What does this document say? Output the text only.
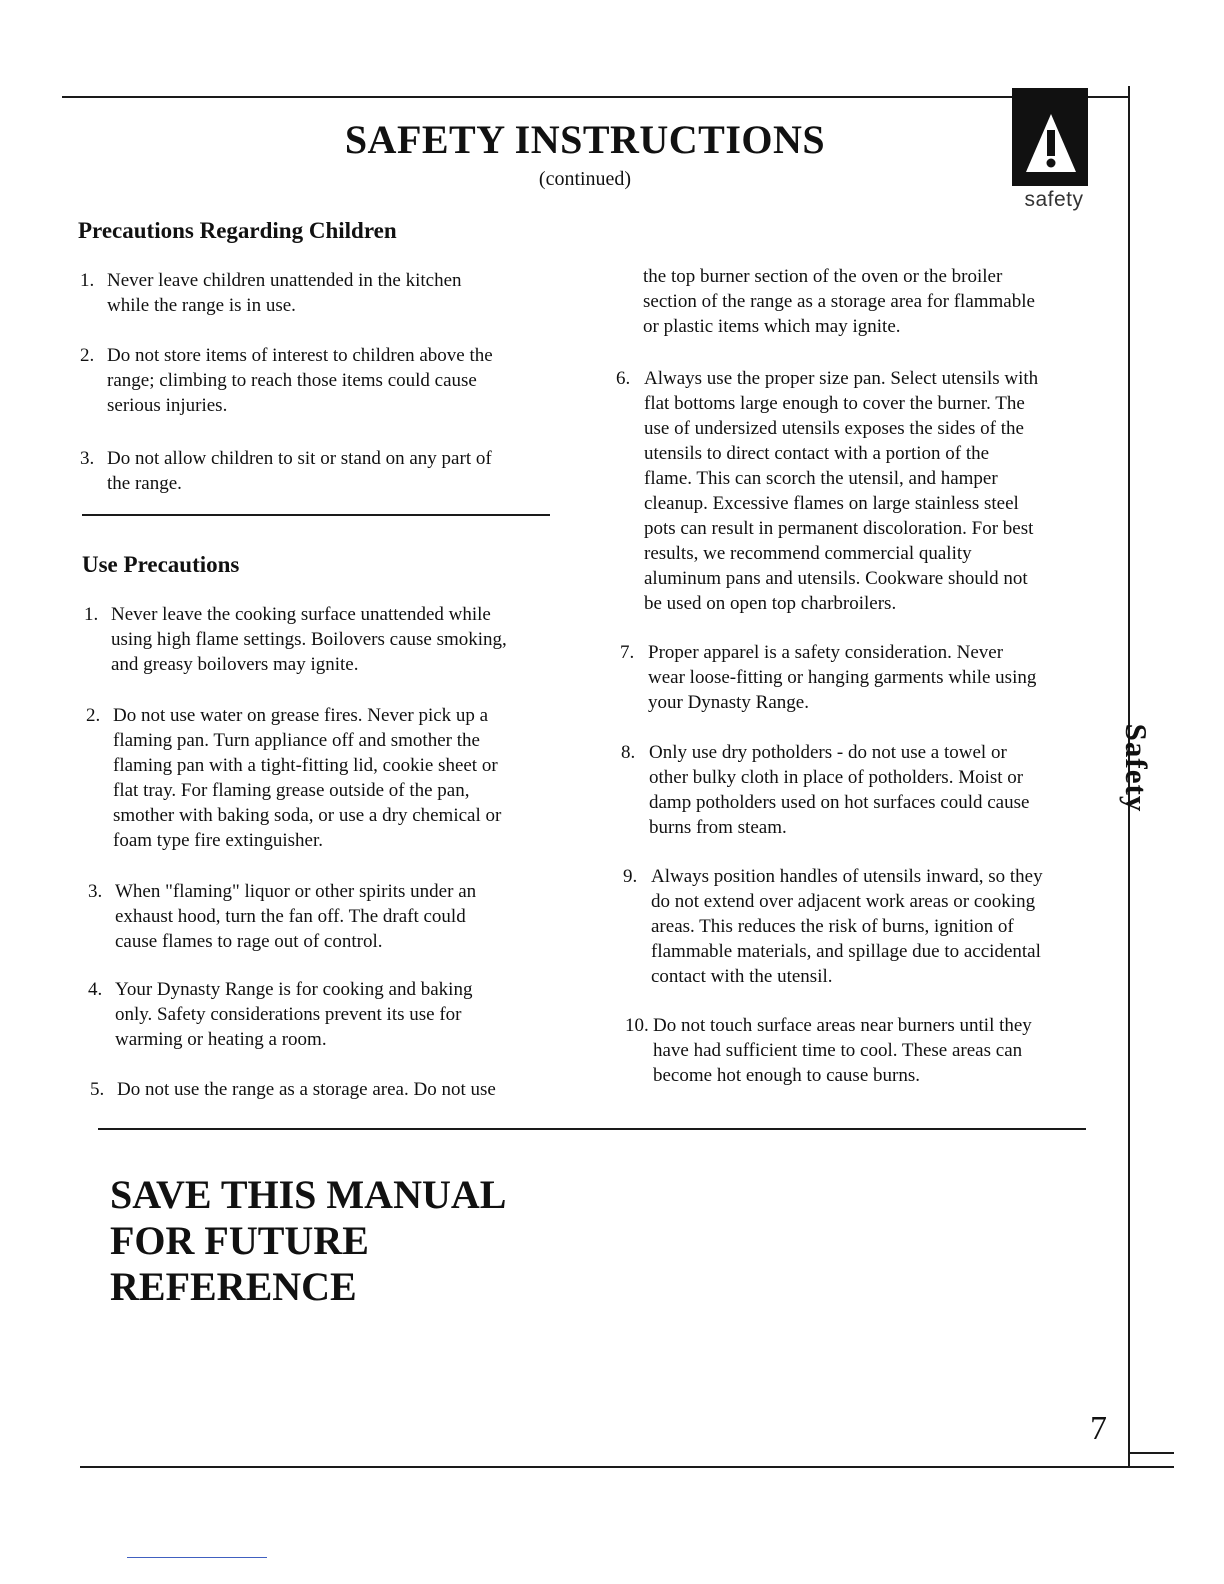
SAFETY INSTRUCTIONS
(continued)
safety
Safety
Precautions Regarding Children
1. Never leave children unattended in the kitchen
while the range is in use.
2. Do not store items of interest to children above the
range; climbing to reach those items could cause
serious injuries.
3. Do not allow children to sit or stand on any part of
the range.
Use Precautions
1. Never leave the cooking surface unattended while
using high flame settings. Boilovers cause smoking,
and greasy boilovers may ignite.
2. Do not use water on grease fires. Never pick up a
flaming pan. Turn appliance off and smother the
flaming pan with a tight-fitting lid, cookie sheet or
flat tray. For flaming grease outside of the pan,
smother with baking soda, or use a dry chemical or
foam type fire extinguisher.
3. When "flaming" liquor or other spirits under an
exhaust hood, turn the fan off. The draft could
cause flames to rage out of control.
4. Your Dynasty Range is for cooking and baking
only. Safety considerations prevent its use for
warming or heating a room.
5. Do not use the range as a storage area. Do not use
the top burner section of the oven or the broiler
section of the range as a storage area for flammable
or plastic items which may ignite.
6. Always use the proper size pan. Select utensils with
flat bottoms large enough to cover the burner. The
use of undersized utensils exposes the sides of the
utensils to direct contact with a portion of the
flame. This can scorch the utensil, and hamper
cleanup. Excessive flames on large stainless steel
pots can result in permanent discoloration. For best
results, we recommend commercial quality
aluminum pans and utensils. Cookware should not
be used on open top charbroilers.
7. Proper apparel is a safety consideration. Never
wear loose-fitting or hanging garments while using
your Dynasty Range.
8. Only use dry potholders - do not use a towel or
other bulky cloth in place of potholders. Moist or
damp potholders used on hot surfaces could cause
burns from steam.
9. Always position handles of utensils inward, so they
do not extend over adjacent work areas or cooking
areas. This reduces the risk of burns, ignition of
flammable materials, and spillage due to accidental
contact with the utensil.
10. Do not touch surface areas near burners until they
have had sufficient time to cool. These areas can
become hot enough to cause burns.
SAVE THIS MANUAL
FOR FUTURE
REFERENCE
7
